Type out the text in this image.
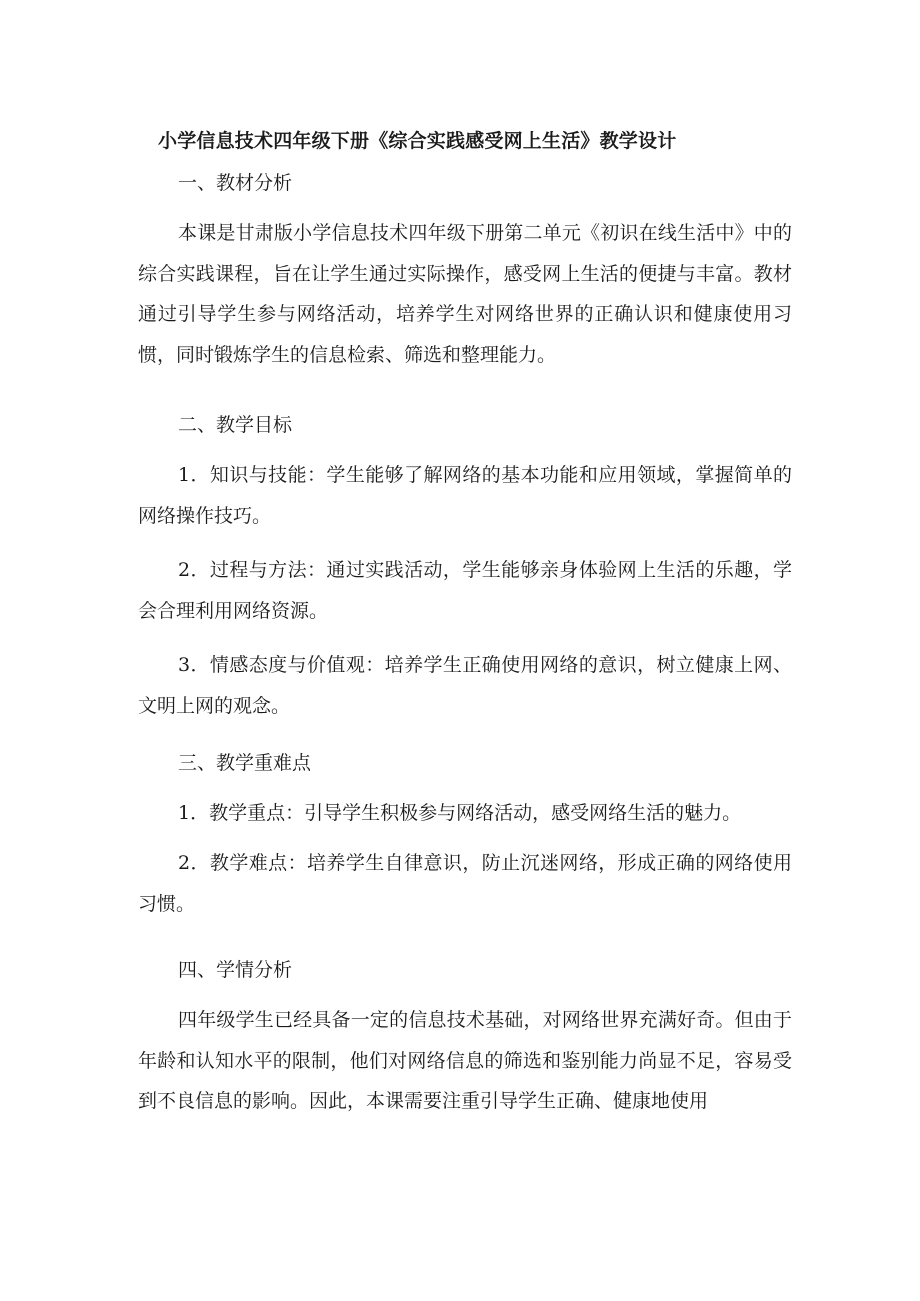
小学信息技术四年级下册《综合实践感受网上生活》教学设计
一、教材分析

本课是甘肃版小学信息技术四年级下册第二单元《初识在线生活中》中的综合实践课程，旨在让学生通过实际操作，感受网上生活的便捷与丰富。教材通过引导学生参与网络活动，培养学生对网络世界的正确认识和健康使用习惯，同时锻炼学生的信息检索、筛选和整理能力。

二、教学目标

1．知识与技能：学生能够了解网络的基本功能和应用领域，掌握简单的网络操作技巧。

2．过程与方法：通过实践活动，学生能够亲身体验网上生活的乐趣，学会合理利用网络资源。

3．情感态度与价值观：培养学生正确使用网络的意识，树立健康上网、文明上网的观念。

三、教学重难点

1．教学重点：引导学生积极参与网络活动，感受网络生活的魅力。

2．教学难点：培养学生自律意识，防止沉迷网络，形成正确的网络使用习惯。

四、学情分析

四年级学生已经具备一定的信息技术基础，对网络世界充满好奇。但由于年龄和认知水平的限制，他们对网络信息的筛选和鉴别能力尚显不足，容易受到不良信息的影响。因此，本课需要注重引导学生正确、健康地使用
